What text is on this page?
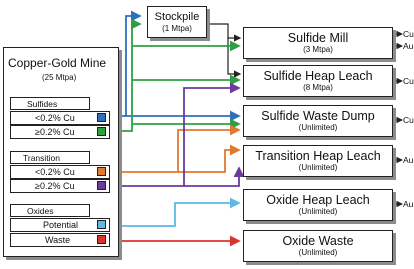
Stockpile
(1 Mtpa)
Copper-Gold Mine
(25 Mtpa)
Sulfides
Transition
Oxides
<0.2% Cu
≥0.2% Cu
<0.2% Cu
≥0.2% Cu
Potential
Waste
Sulfide Mill
(3 Mtpa)
Sulfide Heap Leach
(8 Mtpa)
Sulfide Waste Dump
(Unlimited)
Transition Heap Leach
(Unlimited)
Oxide Heap Leach
(Unlimited)
Oxide Waste
(Unlimited)
Cu
Au
Cu
Cu
Au
Au
